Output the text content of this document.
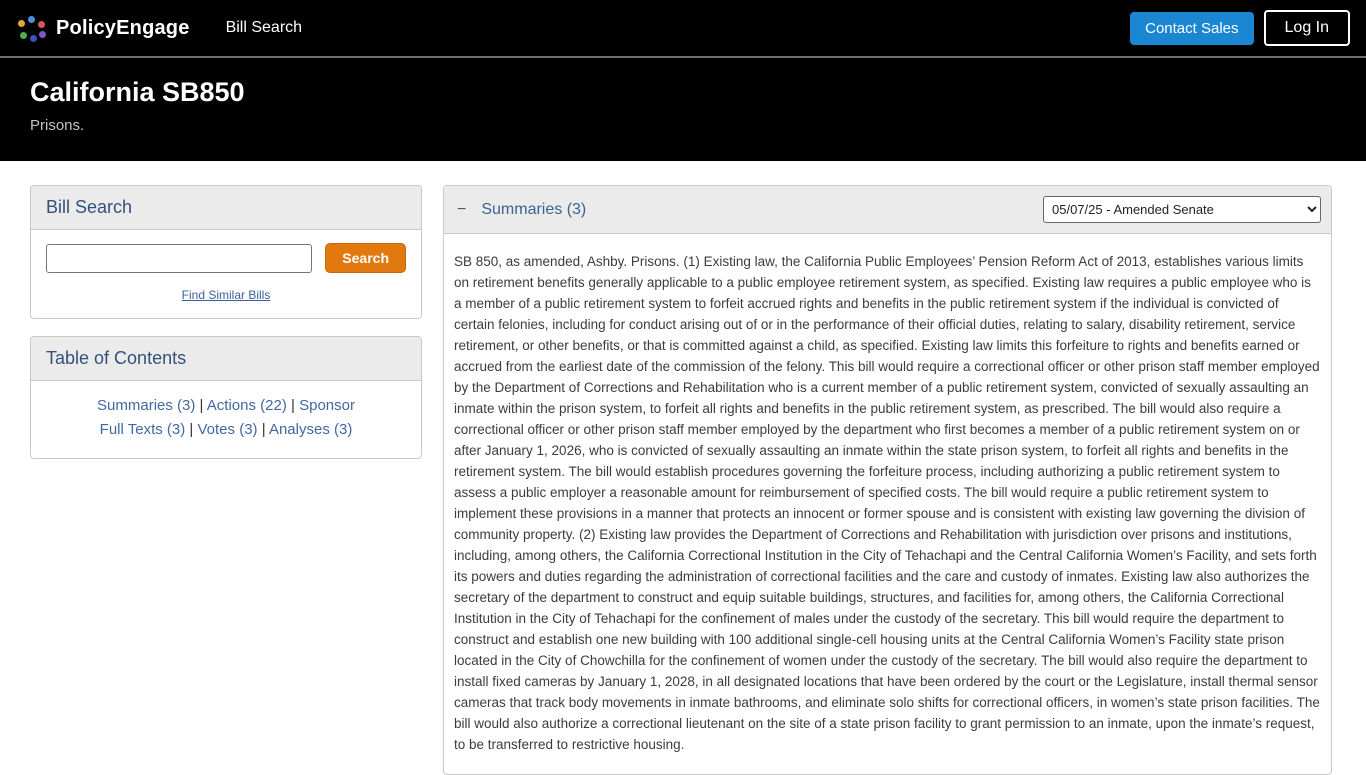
PolicyEngage Bill Search	Contact Sales	Log In
California SB850
Prisons.
Bill Search
Search
Find Similar Bills
Table of Contents
Summaries (3) | Actions (22) | Sponsor
Full Texts (3) | Votes (3) | Analyses (3)
− Summaries (3)
05/07/25 - Amended Senate
SB 850, as amended, Ashby. Prisons. (1) Existing law, the California Public Employees’ Pension Reform Act of 2013, establishes various limits on retirement benefits generally applicable to a public employee retirement system, as specified. Existing law requires a public employee who is a member of a public retirement system to forfeit accrued rights and benefits in the public retirement system if the individual is convicted of certain felonies, including for conduct arising out of or in the performance of their official duties, relating to salary, disability retirement, service retirement, or other benefits, or that is committed against a child, as specified. Existing law limits this forfeiture to rights and benefits earned or accrued from the earliest date of the commission of the felony. This bill would require a correctional officer or other prison staff member employed by the Department of Corrections and Rehabilitation who is a current member of a public retirement system, convicted of sexually assaulting an inmate within the prison system, to forfeit all rights and benefits in the public retirement system, as prescribed. The bill would also require a correctional officer or other prison staff member employed by the department who first becomes a member of a public retirement system on or after January 1, 2026, who is convicted of sexually assaulting an inmate within the state prison system, to forfeit all rights and benefits in the retirement system. The bill would establish procedures governing the forfeiture process, including authorizing a public retirement system to assess a public employer a reasonable amount for reimbursement of specified costs. The bill would require a public retirement system to implement these provisions in a manner that protects an innocent or former spouse and is consistent with existing law governing the division of community property. (2) Existing law provides the Department of Corrections and Rehabilitation with jurisdiction over prisons and institutions, including, among others, the California Correctional Institution in the City of Tehachapi and the Central California Women’s Facility, and sets forth its powers and duties regarding the administration of correctional facilities and the care and custody of inmates. Existing law also authorizes the secretary of the department to construct and equip suitable buildings, structures, and facilities for, among others, the California Correctional Institution in the City of Tehachapi for the confinement of males under the custody of the secretary. This bill would require the department to construct and establish one new building with 100 additional single-cell housing units at the Central California Women’s Facility state prison located in the City of Chowchilla for the confinement of women under the custody of the secretary. The bill would also require the department to install fixed cameras by January 1, 2028, in all designated locations that have been ordered by the court or the Legislature, install thermal sensor cameras that track body movements in inmate bathrooms, and eliminate solo shifts for correctional officers, in women’s state prison facilities. The bill would also authorize a correctional lieutenant on the site of a state prison facility to grant permission to an inmate, upon the inmate’s request, to be transferred to restrictive housing.
